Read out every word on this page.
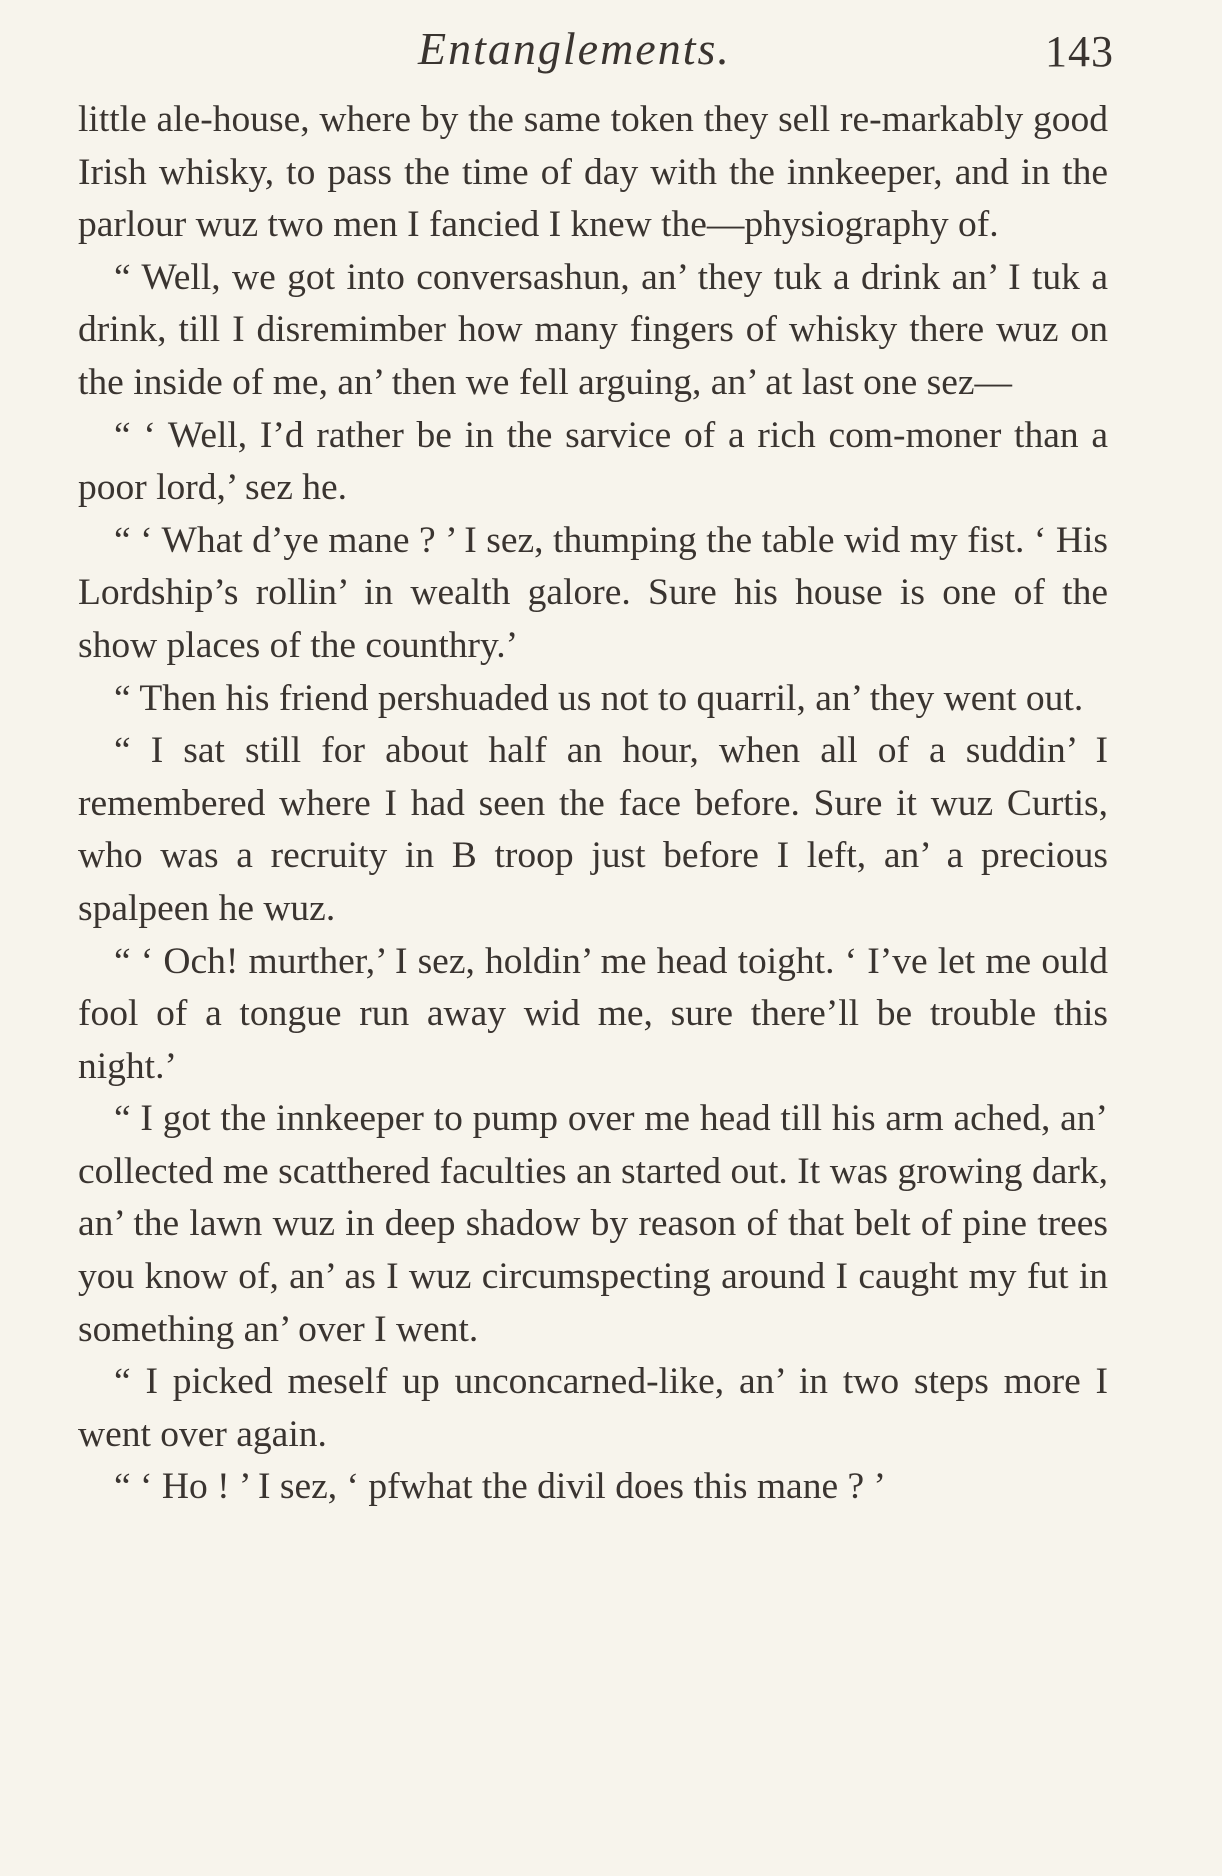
Entanglements.	143

little ale-house, where by the same token they sell re-markably good Irish whisky, to pass the time of day with the innkeeper, and in the parlour wuz two men I fancied I knew the—physiography of.

“ Well, we got into conversashun, an’ they tuk a drink an’ I tuk a drink, till I disremimber how many fingers of whisky there wuz on the inside of me, an’ then we fell arguing, an’ at last one sez—

“ ‘ Well, I’d rather be in the sarvice of a rich com-moner than a poor lord,’ sez he.

“ ‘ What d’ye mane ? ’ I sez, thumping the table wid my fist. ‘ His Lordship’s rollin’ in wealth galore. Sure his house is one of the show places of the counthry.’

“ Then his friend pershuaded us not to quarril, an’ they went out.

“ I sat still for about half an hour, when all of a suddin’ I remembered where I had seen the face before. Sure it wuz Curtis, who was a recruity in B troop just before I left, an’ a precious spalpeen he wuz.

“ ‘ Och! murther,’ I sez, holdin’ me head toight. ‘ I’ve let me ould fool of a tongue run away wid me, sure there’ll be trouble this night.’

“ I got the innkeeper to pump over me head till his arm ached, an’ collected me scatthered faculties an started out. It was growing dark, an’ the lawn wuz in deep shadow by reason of that belt of pine trees you know of, an’ as I wuz circumspecting around I caught my fut in something an’ over I went.

“ I picked meself up unconcarned-like, an’ in two steps more I went over again.

“ ‘ Ho ! ’ I sez, ‘ pfwhat the divil does this mane ? ’
